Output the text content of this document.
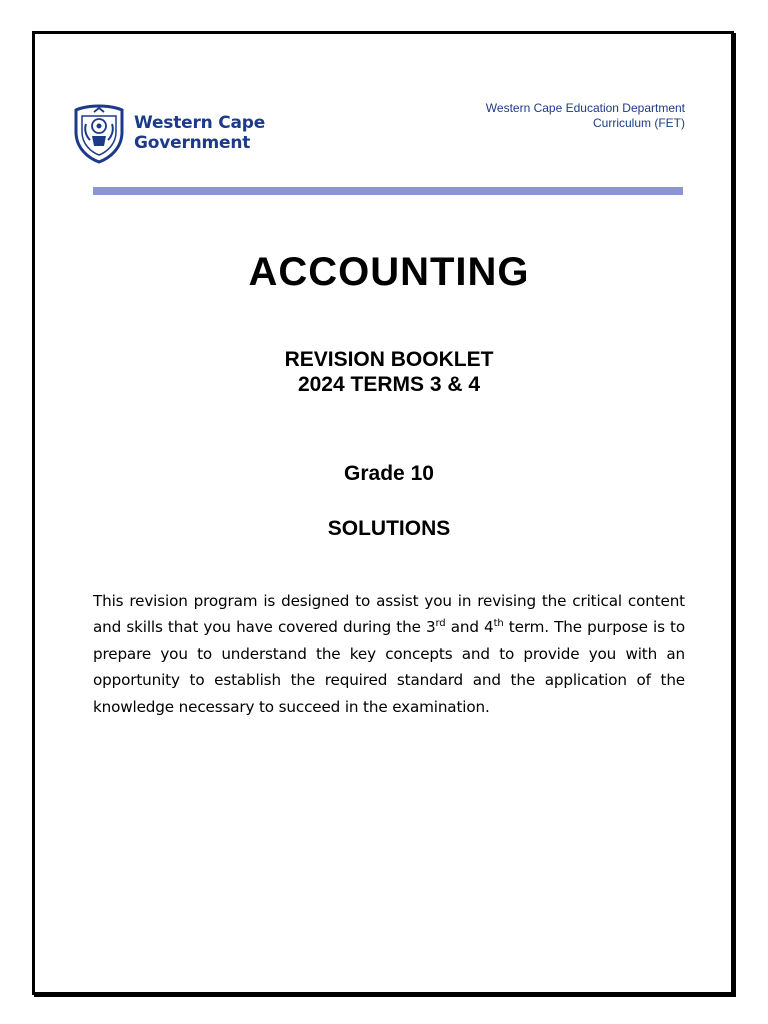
Western Cape
Government
Western Cape Education Department
Curriculum (FET)
ACCOUNTING
REVISION BOOKLET
2024 TERMS 3 & 4
Grade 10
SOLUTIONS
This revision program is designed to assist you in revising the critical content and skills that you have covered during the 3rd and 4th term. The purpose is to prepare you to understand the key concepts and to provide you with an opportunity to establish the required standard and the application of the knowledge necessary to succeed in the examination.
